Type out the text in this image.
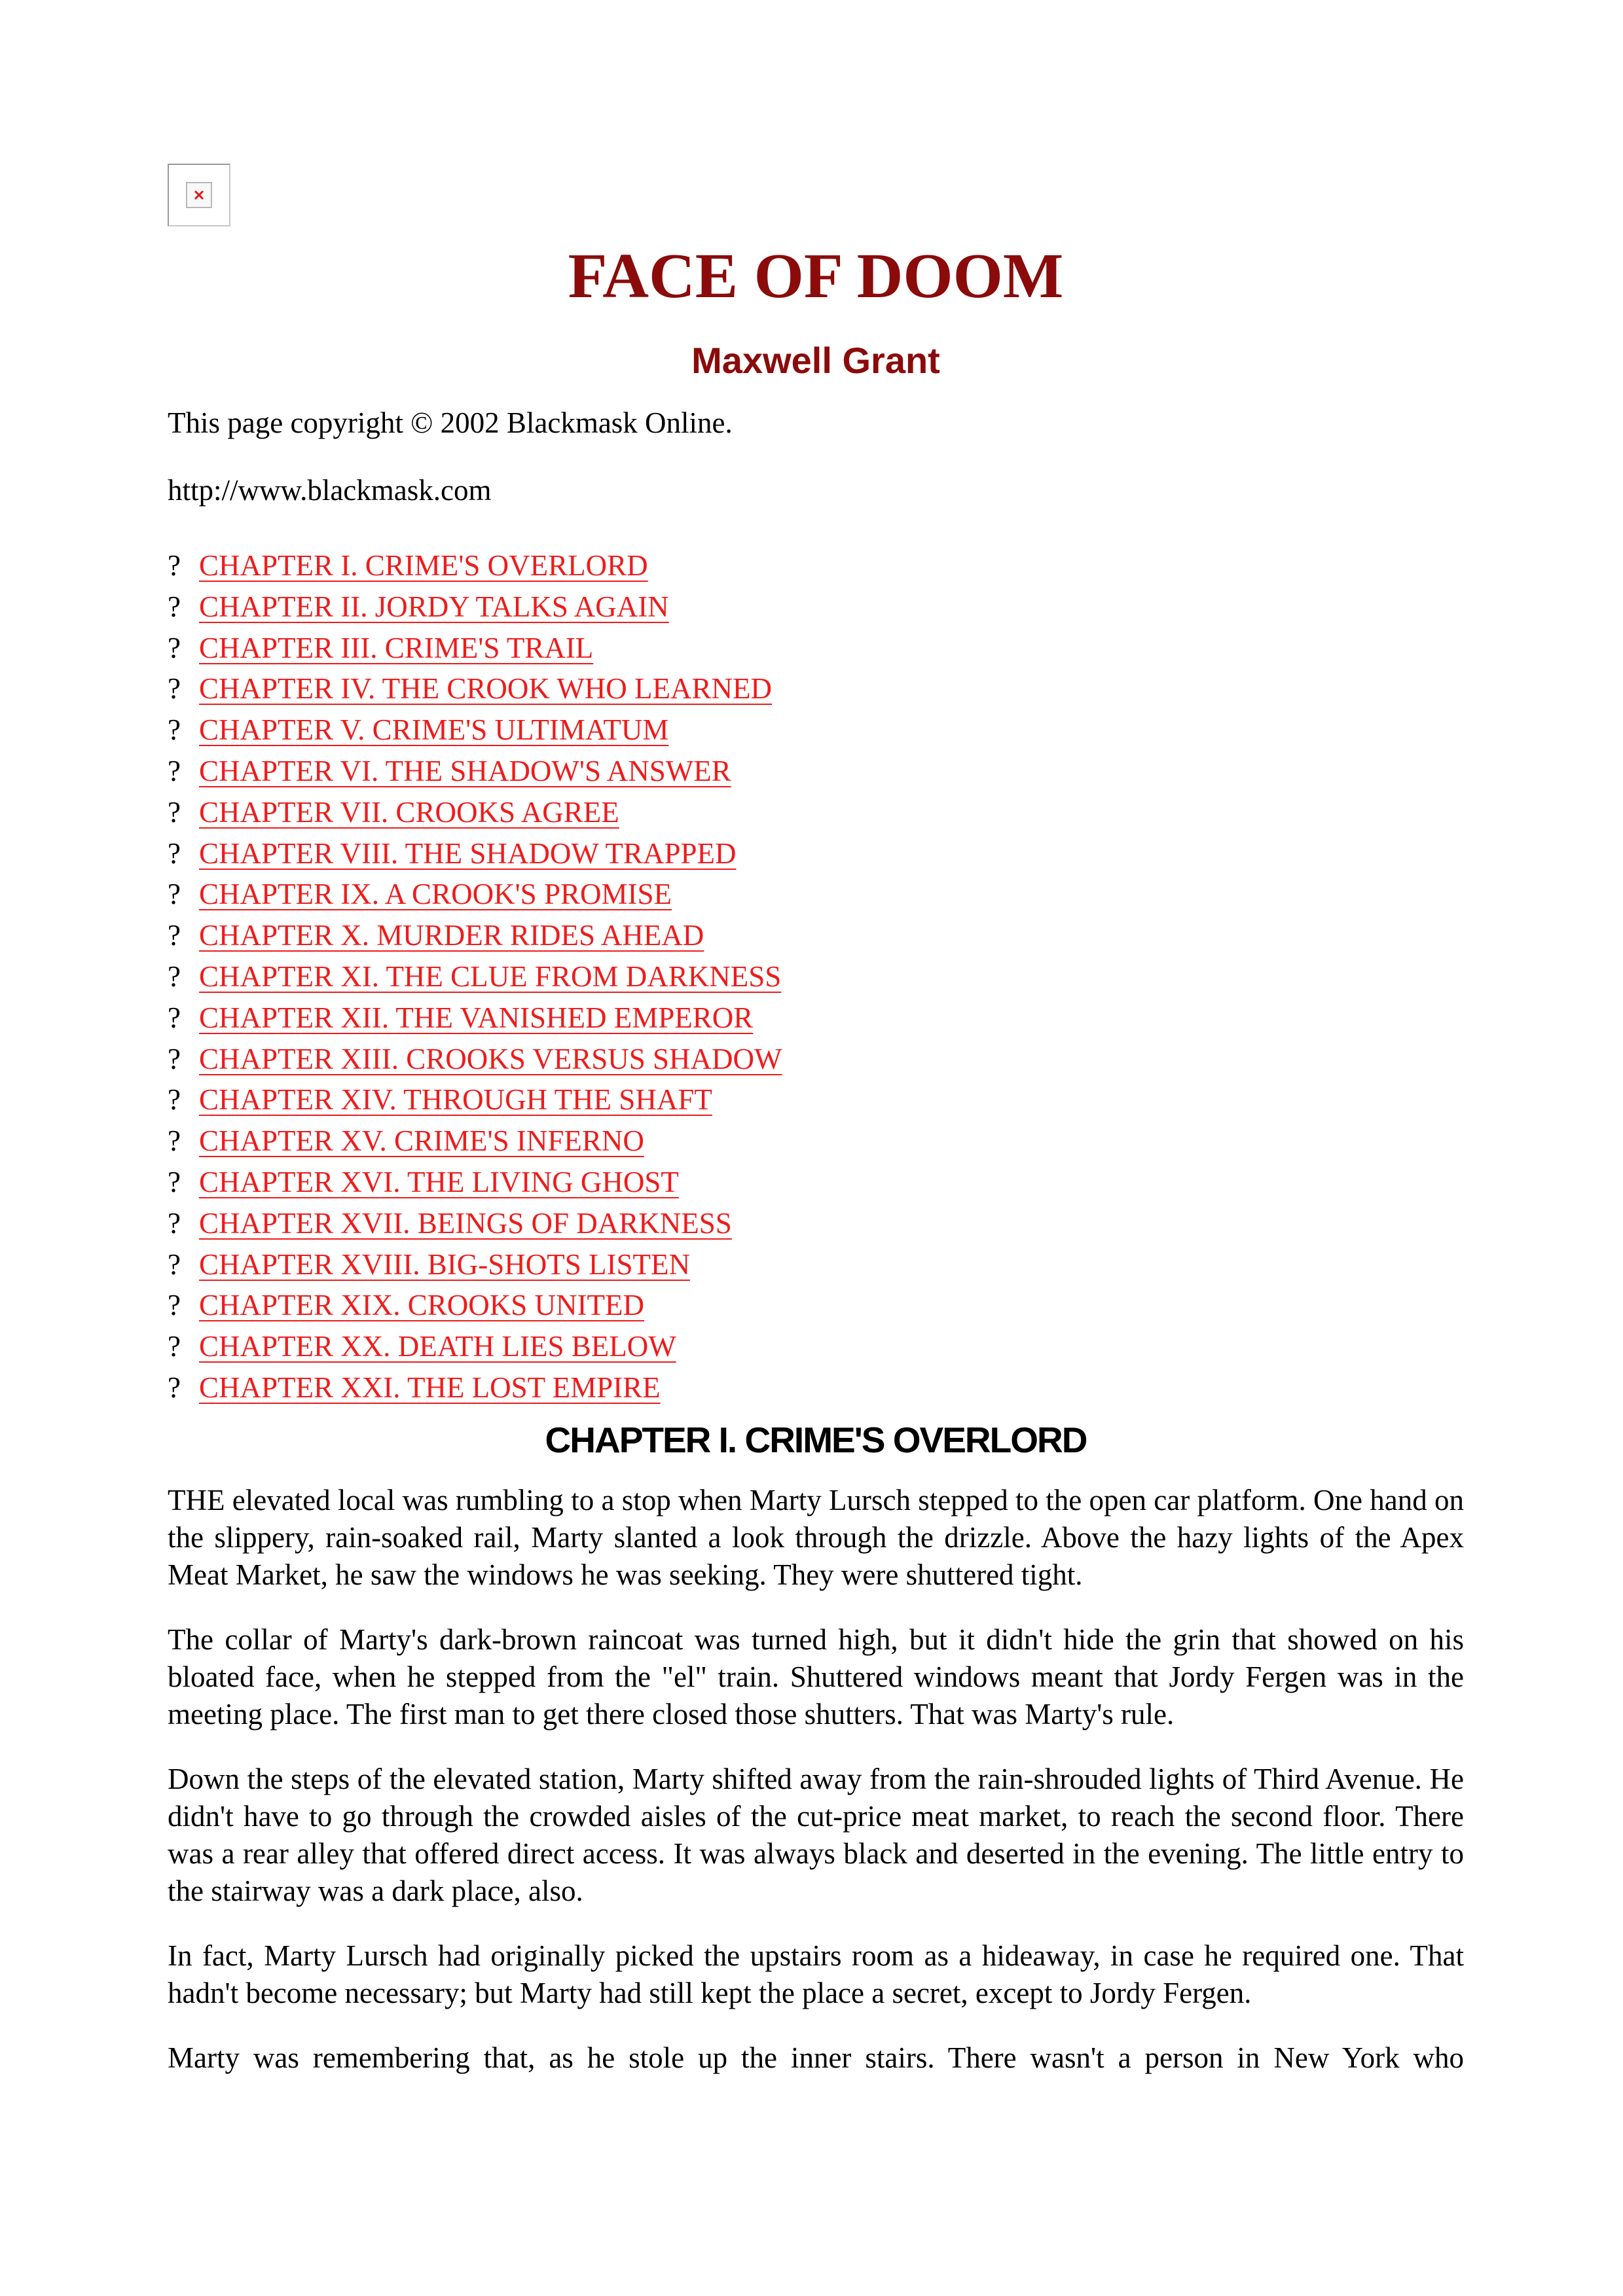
FACE OF DOOM
Maxwell Grant

This page copyright © 2002 Blackmask Online.

http://www.blackmask.com

? CHAPTER I. CRIME'S OVERLORD
? CHAPTER II. JORDY TALKS AGAIN
? CHAPTER III. CRIME'S TRAIL
? CHAPTER IV. THE CROOK WHO LEARNED
? CHAPTER V. CRIME'S ULTIMATUM
? CHAPTER VI. THE SHADOW'S ANSWER
? CHAPTER VII. CROOKS AGREE
? CHAPTER VIII. THE SHADOW TRAPPED
? CHAPTER IX. A CROOK'S PROMISE
? CHAPTER X. MURDER RIDES AHEAD
? CHAPTER XI. THE CLUE FROM DARKNESS
? CHAPTER XII. THE VANISHED EMPEROR
? CHAPTER XIII. CROOKS VERSUS SHADOW
? CHAPTER XIV. THROUGH THE SHAFT
? CHAPTER XV. CRIME'S INFERNO
? CHAPTER XVI. THE LIVING GHOST
? CHAPTER XVII. BEINGS OF DARKNESS
? CHAPTER XVIII. BIG-SHOTS LISTEN
? CHAPTER XIX. CROOKS UNITED
? CHAPTER XX. DEATH LIES BELOW
? CHAPTER XXI. THE LOST EMPIRE
CHAPTER I. CRIME'S OVERLORD

THE elevated local was rumbling to a stop when Marty Lursch stepped to the open car platform. One hand on the slippery, rain-soaked rail, Marty slanted a look through the drizzle. Above the hazy lights of the Apex Meat Market, he saw the windows he was seeking. They were shuttered tight.

The collar of Marty's dark-brown raincoat was turned high, but it didn't hide the grin that showed on his bloated face, when he stepped from the "el" train. Shuttered windows meant that Jordy Fergen was in the meeting place. The first man to get there closed those shutters. That was Marty's rule.

Down the steps of the elevated station, Marty shifted away from the rain-shrouded lights of Third Avenue. He didn't have to go through the crowded aisles of the cut-price meat market, to reach the second floor. There was a rear alley that offered direct access. It was always black and deserted in the evening. The little entry to the stairway was a dark place, also.

In fact, Marty Lursch had originally picked the upstairs room as a hideaway, in case he required one. That hadn't become necessary; but Marty had still kept the place a secret, except to Jordy Fergen.

Marty was remembering that, as he stole up the inner stairs. There wasn't a person in New York who
